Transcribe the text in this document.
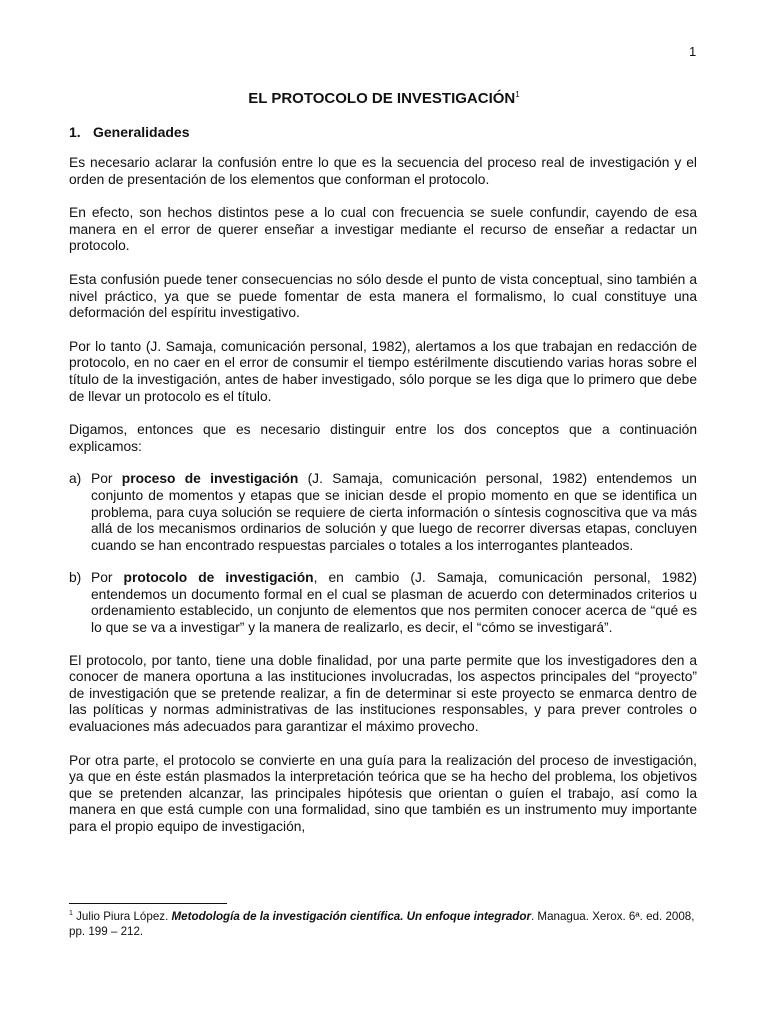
1
EL PROTOCOLO DE INVESTIGACIÓN$^1$
1. Generalidades

Es necesario aclarar la confusión entre lo que es la secuencia del proceso real de investigación y el orden de presentación de los elementos que conforman el protocolo.

En efecto, son hechos distintos pese a lo cual con frecuencia se suele confundir, cayendo de esa manera en el error de querer enseñar a investigar mediante el recurso de enseñar a redactar un protocolo.

Esta confusión puede tener consecuencias no sólo desde el punto de vista conceptual, sino también a nivel práctico, ya que se puede fomentar de esta manera el formalismo, lo cual constituye una deformación del espíritu investigativo.

Por lo tanto (J. Samaja, comunicación personal, 1982), alertamos a los que trabajan en redacción de protocolo, en no caer en el error de consumir el tiempo estérilmente discutiendo varias horas sobre el título de la investigación, antes de haber investigado, sólo porque se les diga que lo primero que debe de llevar un protocolo es el título.

Digamos, entonces que es necesario distinguir entre los dos conceptos que a continuación explicamos:

a) Por proceso de investigación (J. Samaja, comunicación personal, 1982) entendemos un conjunto de momentos y etapas que se inician desde el propio momento en que se identifica un problema, para cuya solución se requiere de cierta información o síntesis cognoscitiva que va más allá de los mecanismos ordinarios de solución y que luego de recorrer diversas etapas, concluyen cuando se han encontrado respuestas parciales o totales a los interrogantes planteados.
b) Por protocolo de investigación, en cambio (J. Samaja, comunicación personal, 1982) entendemos un documento formal en el cual se plasman de acuerdo con determinados criterios u ordenamiento establecido, un conjunto de elementos que nos permiten conocer acerca de “qué es lo que se va a investigar” y la manera de realizarlo, es decir, el “cómo se investigará”.

El protocolo, por tanto, tiene una doble finalidad, por una parte permite que los investigadores den a conocer de manera oportuna a las instituciones involucradas, los aspectos principales del “proyecto” de investigación que se pretende realizar, a fin de determinar si este proyecto se enmarca dentro de las políticas y normas administrativas de las instituciones responsables, y para prever controles o evaluaciones más adecuados para garantizar el máximo provecho.

Por otra parte, el protocolo se convierte en una guía para la realización del proceso de investigación, ya que en éste están plasmados la interpretación teórica que se ha hecho del problema, los objetivos que se pretenden alcanzar, las principales hipótesis que orientan o guíen el trabajo, así como la manera en que está cumple con una formalidad, sino que también es un instrumento muy importante para el propio equipo de investigación,

$^1$ Julio Piura López. Metodología de la investigación científica. Un enfoque integrador. Managua. Xerox. 6ª. ed. 2008, pp. 199 – 212.
